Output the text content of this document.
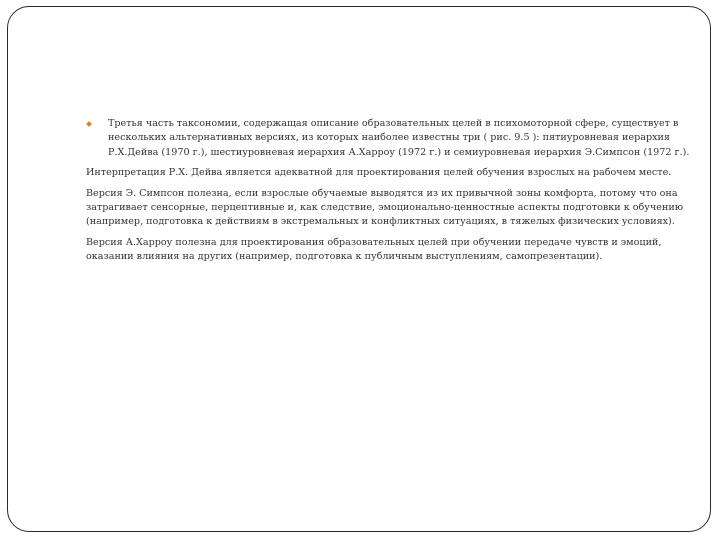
Третья часть таксономии, содержащая описание образовательных целей в психомоторной сфере, существует в нескольких альтернативных версиях, из которых наиболее известны три ( рис. 9.5 ): пятиуровневая иерархия Р.Х.Дейва (1970 г.), шестиуровневая иерархия А.Харроу (1972 г.) и семиуровневая иерархия Э.Симпсон (1972 г.).

Интерпретация Р.Х. Дейва является адекватной для проектирования целей обучения взрослых на рабочем месте.

Версия Э. Симпсон полезна, если взрослые обучаемые выводятся из их привычной зоны комфорта, потому что она затрагивает сенсорные, перцептивные и, как следствие, эмоционально-ценностные аспекты подготовки к обучению (например, подготовка к действиям в экстремальных и конфликтных ситуациях, в тяжелых физических условиях).

Версия А.Харроу полезна для проектирования образовательных целей при обучении передаче чувств и эмоций, оказании влияния на других (например, подготовка к публичным выступлениям, самопрезентации).
